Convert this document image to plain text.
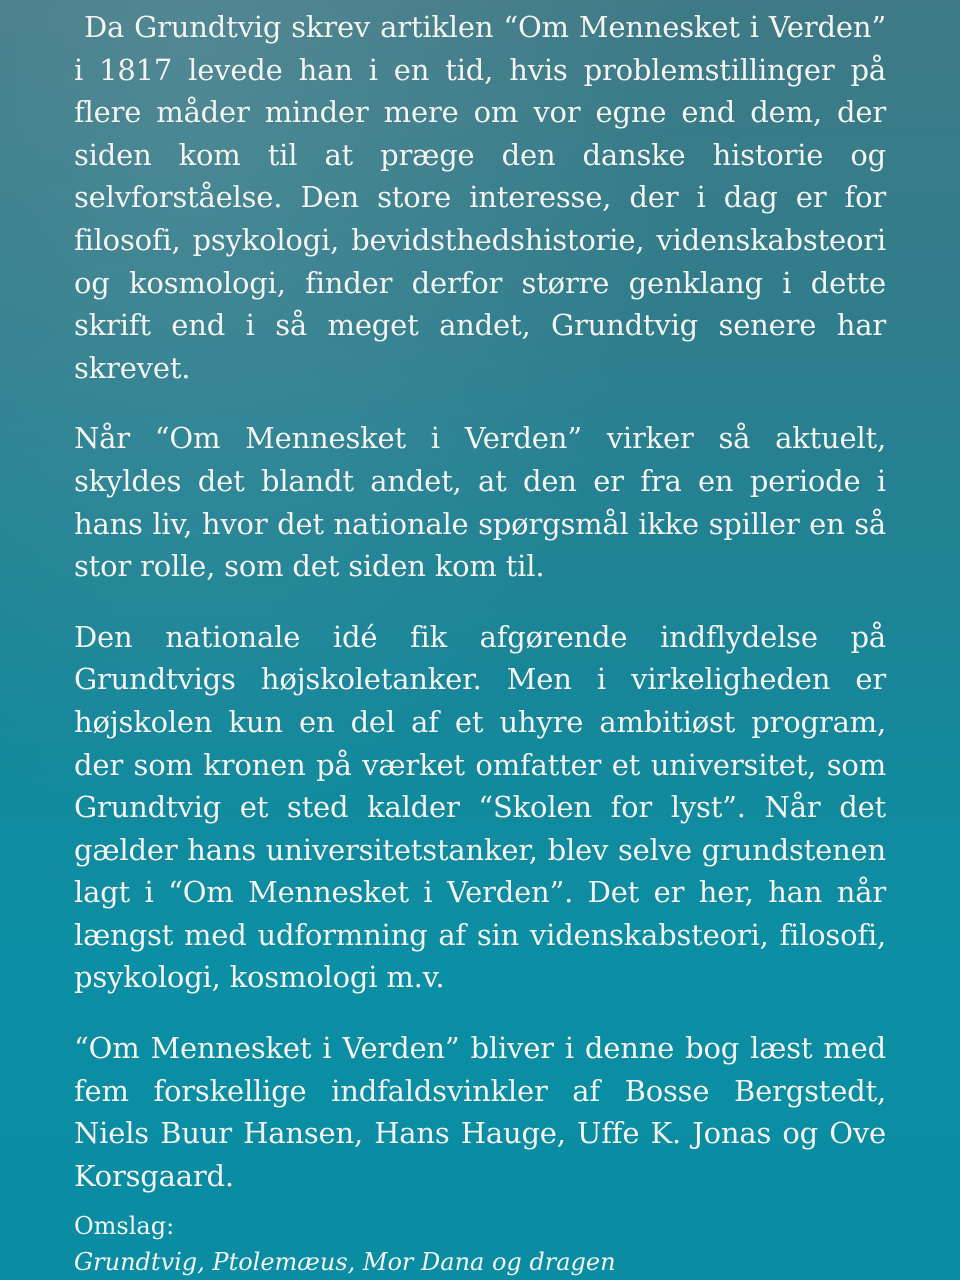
Da Grundtvig skrev artiklen “Om Mennesket i Verden” i 1817 levede han i en tid, hvis problemstillinger på flere måder minder mere om vor egne end dem, der siden kom til at præge den danske historie og selvforståelse. Den store interesse, der i dag er for filosofi, psykologi, bevidsthedshistorie, videnskabsteori og kosmologi, finder derfor større genklang i dette skrift end i så meget andet, Grundtvig senere har skrevet.

Når “Om Mennesket i Verden” virker så aktuelt, skyldes det blandt andet, at den er fra en periode i hans liv, hvor det nationale spørgsmål ikke spiller en så stor rolle, som det siden kom til.

Den nationale idé fik afgørende indflydelse på Grundtvigs højskoletanker. Men i virkeligheden er højskolen kun en del af et uhyre ambitiøst program, der som kronen på værket omfatter et universitet, som Grundtvig et sted kalder “Skolen for lyst”. Når det gælder hans universitetstanker, blev selve grundstenen lagt i “Om Mennesket i Verden”. Det er her, han når længst med udformning af sin videnskabsteori, filosofi, psykologi, kosmologi m.v.

“Om Mennesket i Verden” bliver i denne bog læst med fem forskellige indfaldsvinkler af Bosse Bergstedt, Niels Buur Hansen, Hans Hauge, Uffe K. Jonas og Ove Korsgaard.

Omslag:
Grundtvig, Ptolemæus, Mor Dana og dragen
